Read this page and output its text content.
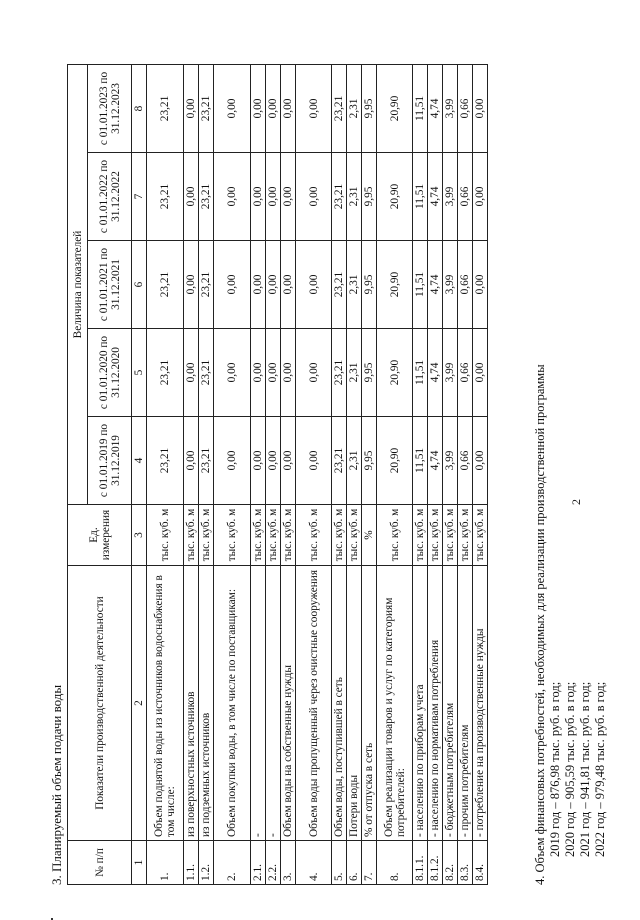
2
3. Планируемый объем подачи воды	№ п/п	Показатели производственной деятельности	Ед. измерения	Величина показателей				
			с 01.01.2019 по 31.12.2019	с 01.01.2020 по 31.12.2020	с 01.01.2021 по 31.12.2021	с 01.01.2022 по 31.12.2022	с 01.01.2023 по 31.12.2023
1	2	3	4	5	6	7	8
1.	Объем поднятой воды из источников водоснабжения в том числе:	тыс. куб. м	23,21	23,21	23,21	23,21	23,21
1.1.	из поверхностных источников	тыс. куб. м	0,00	0,00	0,00	0,00	0,00
1.2.	из подземных источников	тыс. куб. м	23,21	23,21	23,21	23,21	23,21
2.	Объем покупки воды, в том числе по поставщикам:	тыс. куб. м	0,00	0,00	0,00	0,00	0,00
2.1.	-	тыс. куб. м	0,00	0,00	0,00	0,00	0,00
2.2.	-	тыс. куб. м	0,00	0,00	0,00	0,00	0,00
3.	Объем воды на собственные нужды	тыс. куб. м	0,00	0,00	0,00	0,00	0,00
4.	Объем воды пропущенный через очистные сооружения	тыс. куб. м	0,00	0,00	0,00	0,00	0,00
5.	Объем воды, поступившей в сеть	тыс. куб. м	23,21	23,21	23,21	23,21	23,21
6.	Потери воды	тыс. куб. м	2,31	2,31	2,31	2,31	2,31
7.	% от отпуска в сеть	%	9,95	9,95	9,95	9,95	9,95
8.	Объем реализации товаров и услуг по категориям потребителей:	тыс. куб. м	20,90	20,90	20,90	20,90	20,90
8.1.1.	- населению по приборам учета	тыс. куб. м	11,51	11,51	11,51	11,51	11,51
8.1.2.	- населению по нормативам потребления	тыс. куб. м	4,74	4,74	4,74	4,74	4,74
8.2.	- бюджетным потребителям	тыс. куб. м	3,99	3,99	3,99	3,99	3,99
8.3.	- прочим потребителям	тыс. куб. м	0,66	0,66	0,66	0,66	0,66
8.4.	- потребление на производственные нужды	тыс. куб. м	0,00	0,00	0,00	0,00	0,00
4. Объем финансовых потребностей, необходимых для реализации производственной программы 2019 год – 876,98 тыс. руб. в год; 2020 год – 905,59 тыс. руб. в год; 2021 год – 941,81 тыс. руб. в год; 2022 год – 979,48 тыс. руб. в год;
